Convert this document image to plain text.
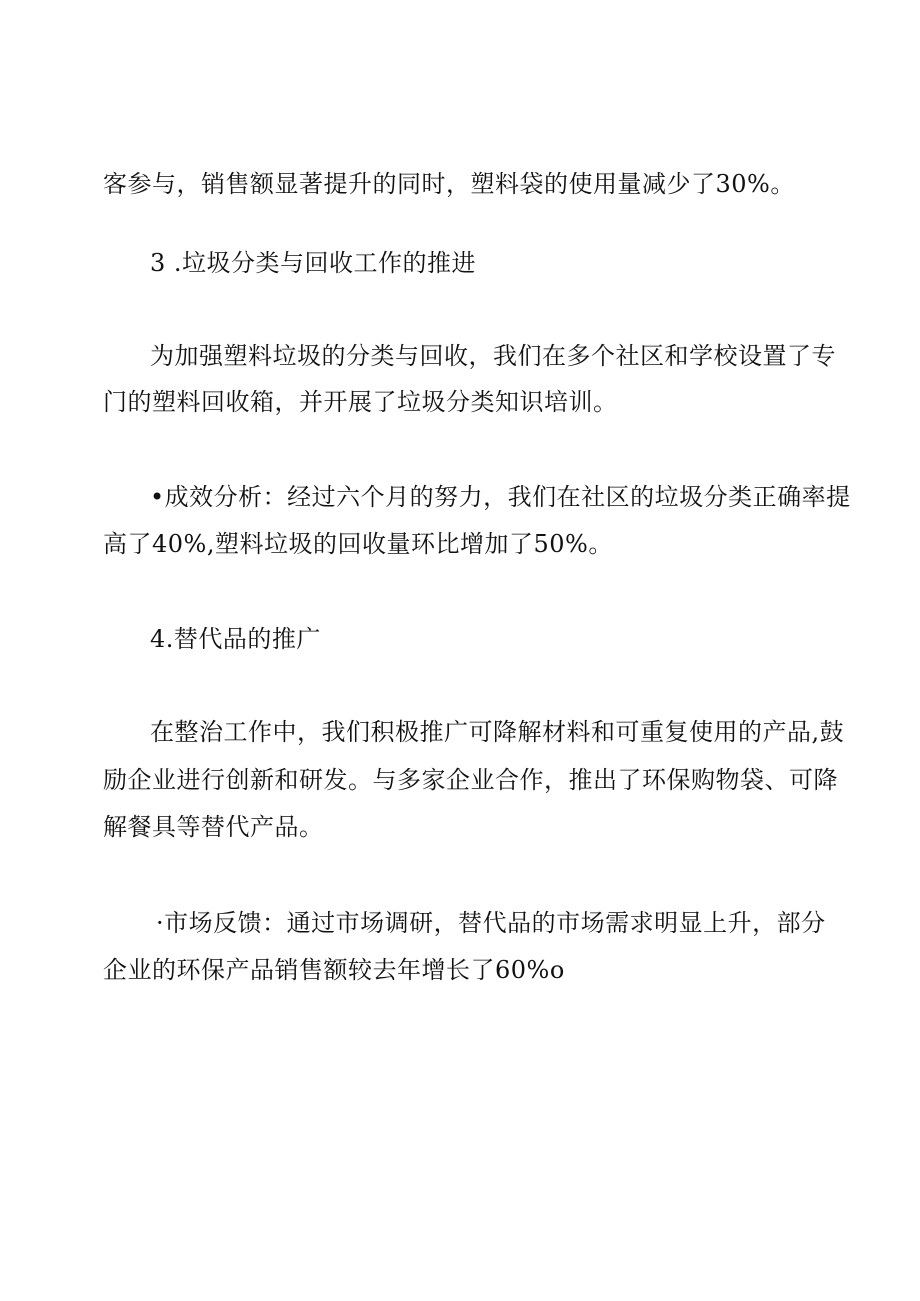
客参与，销售额显著提升的同时，塑料袋的使用量减少了30%。

3 .垃圾分类与回收工作的推进

为加强塑料垃圾的分类与回收，我们在多个社区和学校设置了专

门的塑料回收箱，并开展了垃圾分类知识培训。

•成效分析：经过六个月的努力，我们在社区的垃圾分类正确率提

高了40%,塑料垃圾的回收量环比增加了50%。

4.替代品的推广

在整治工作中，我们积极推广可降解材料和可重复使用的产品,鼓

励企业进行创新和研发。与多家企业合作，推出了环保购物袋、可降

解餐具等替代产品。

·市场反馈：通过市场调研，替代品的市场需求明显上升，部分

企业的环保产品销售额较去年增长了60%o
